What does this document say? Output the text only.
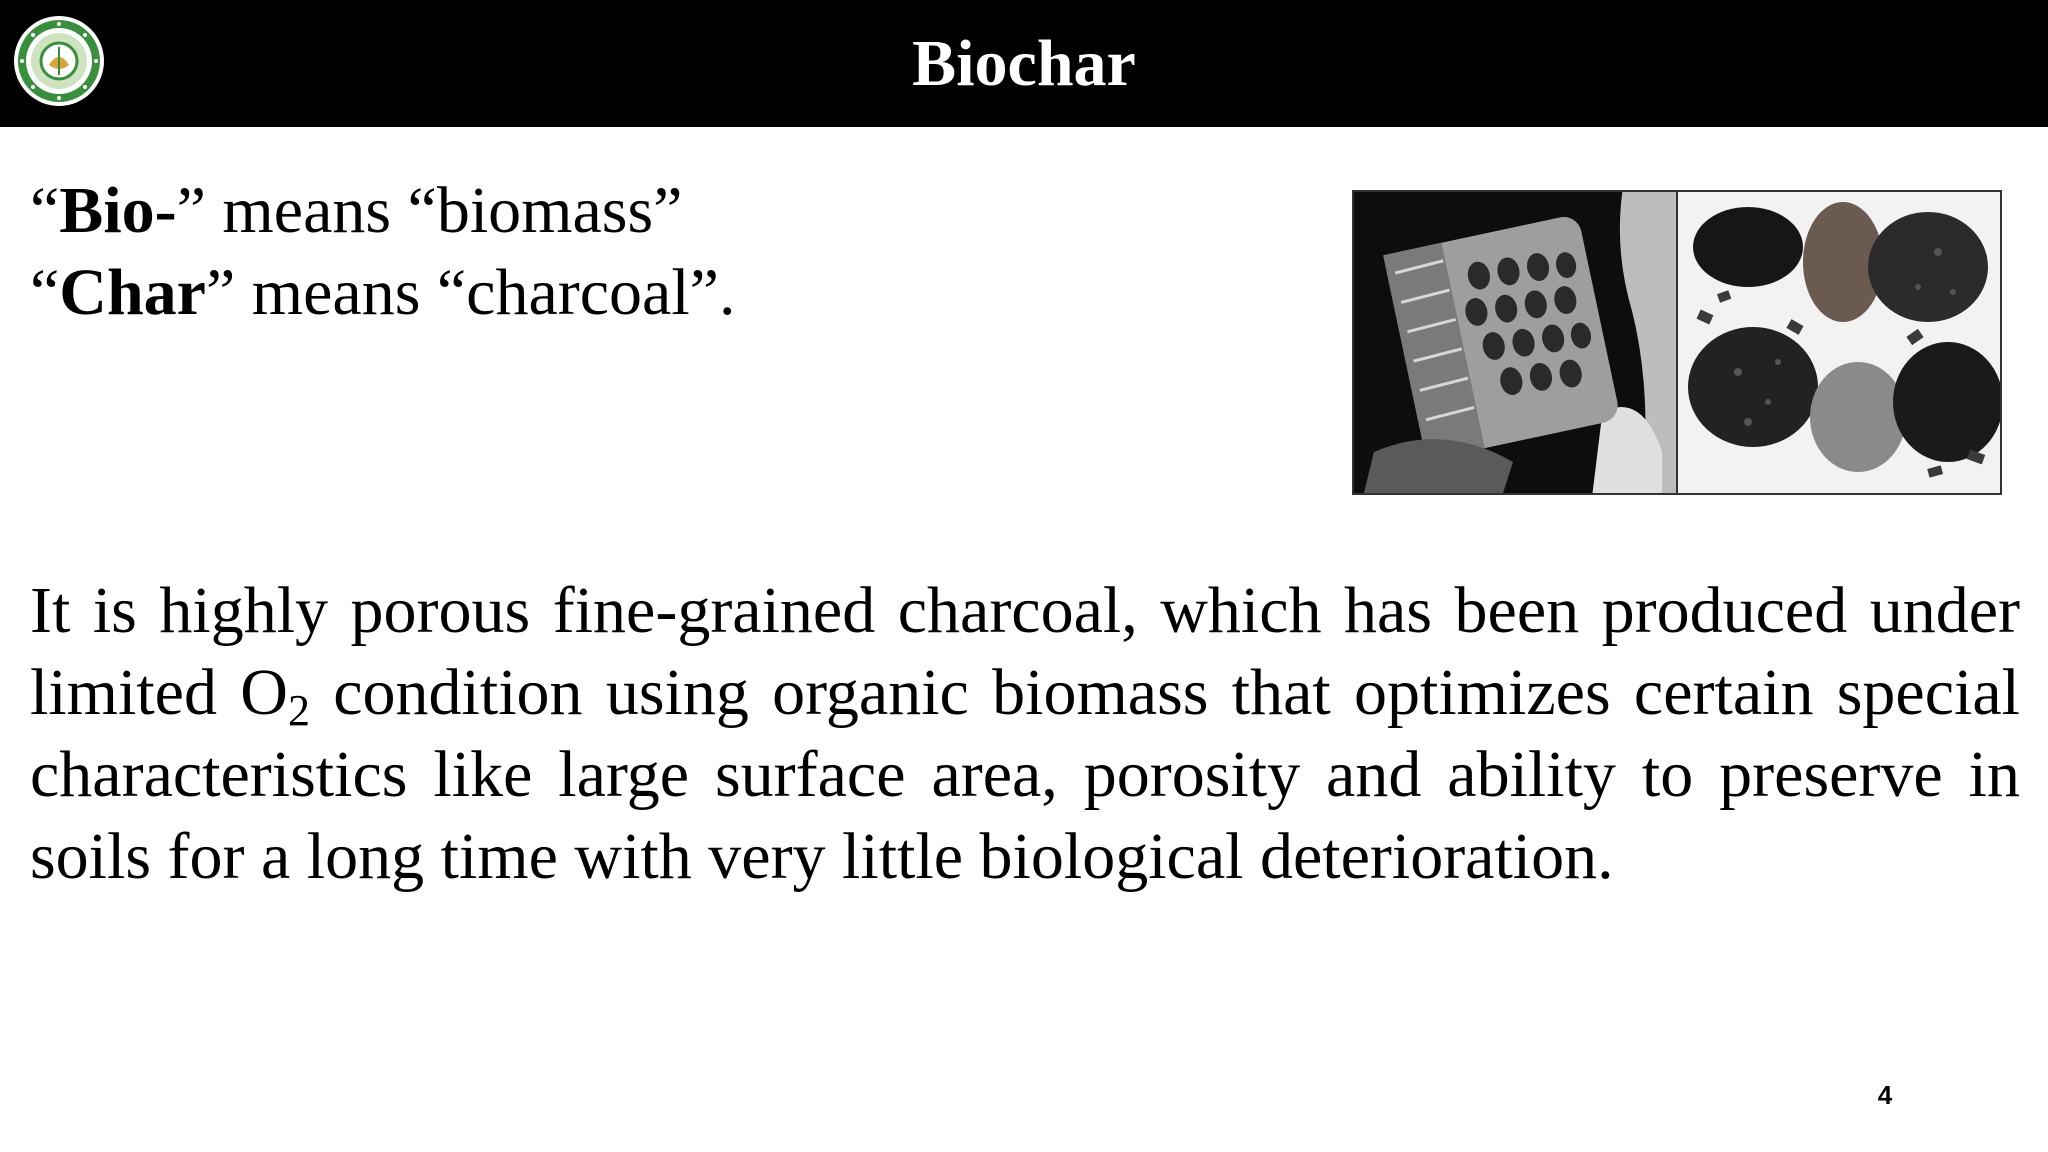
Biochar
“Bio-” means “biomass”
“Char” means “charcoal”.

It is highly porous fine-grained charcoal, which has been produced under limited $O_2$ condition using organic biomass that optimizes certain special characteristics like large surface area, porosity and ability to preserve in soils for a long time with very little biological deterioration.

4
